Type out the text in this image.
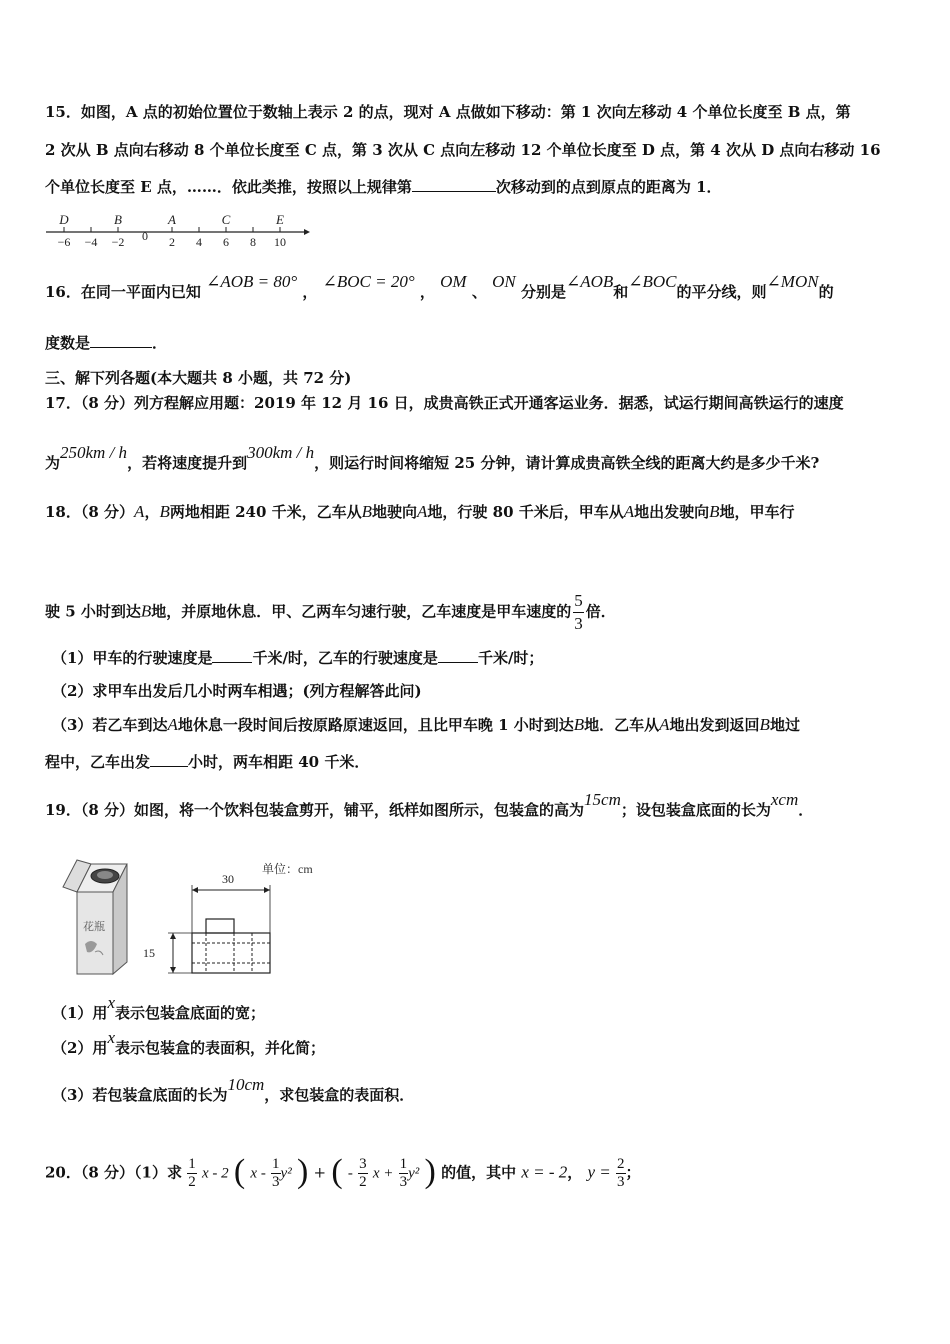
15．如图，A 点的初始位置位于数轴上表示 2 的点，现对 A 点做如下移动：第 1 次向左移动 4 个单位长度至 B 点，第
2 次从 B 点向右移动 8 个单位长度至 C 点，第 3 次从 C 点向左移动 12 个单位长度至 D 点，第 4 次从 D 点向右移动 16
个单位长度至 E 点，……．依此类推，按照以上规律第	次移动到的点到原点的距离为 1．
−6 −4 −2 0 2 4 6 8 10
D	B	A	C	E
16．在同一平面内已知 ∠AOB = 80° ， ∠BOC = 20° ， OM 、 ON 分别是∠AOB和∠BOC的平分线，则∠MON的
度数是	．
三、解下列各题(本大题共 8 小题，共 72 分)
17．（8 分）列方程解应用题：2019 年 12 月 16 日，成贵高铁正式开通客运业务．据悉，试运行期间高铁运行的速度
为250km / h，若将速度提升到300km / h，则运行时间将缩短 25 分钟，请计算成贵高铁全线的距离大约是多少千米?
18．（8 分）A，B两地相距 240 千米，乙车从B地驶向A地，行驶 80 千米后，甲车从A地出发驶向B地，甲车行
驶 5 小时到达B地，并原地休息．甲、乙两车匀速行驶，乙车速度是甲车速度的 $\frac{5}{3}$ 倍．
（1）甲车的行驶速度是	千米/时，乙车的行驶速度是	千米/时；
（2）求甲车出发后几小时两车相遇；(列方程解答此问)
（3）若乙车到达A地休息一段时间后按原路原速返回，且比甲车晚 1 小时到达B地．乙车从A地出发到返回B地过
程中，乙车出发	小时，两车相距 40 千米．
19．（8 分）如图，将一个饮料包装盒剪开，铺平，纸样如图所示，包装盒的高为15cm；设包装盒底面的长为xcm．
花瓶
单位：cm
30
15
（1）用x表示包装盒底面的宽；
（2）用x表示包装盒的表面积，并化简；
（3）若包装盒底面的长为10cm，求包装盒的表面积．
20．（8 分）（1）求 $\frac{1}{2}$ x - 2 ( x - $\frac{1}{3} y^2$ ) + ( - $\frac{3}{2}$ $x + \frac{1}{3} y^2$ ) 的值，其中 x = - 2， $y = \frac{2}{3}$ ；
